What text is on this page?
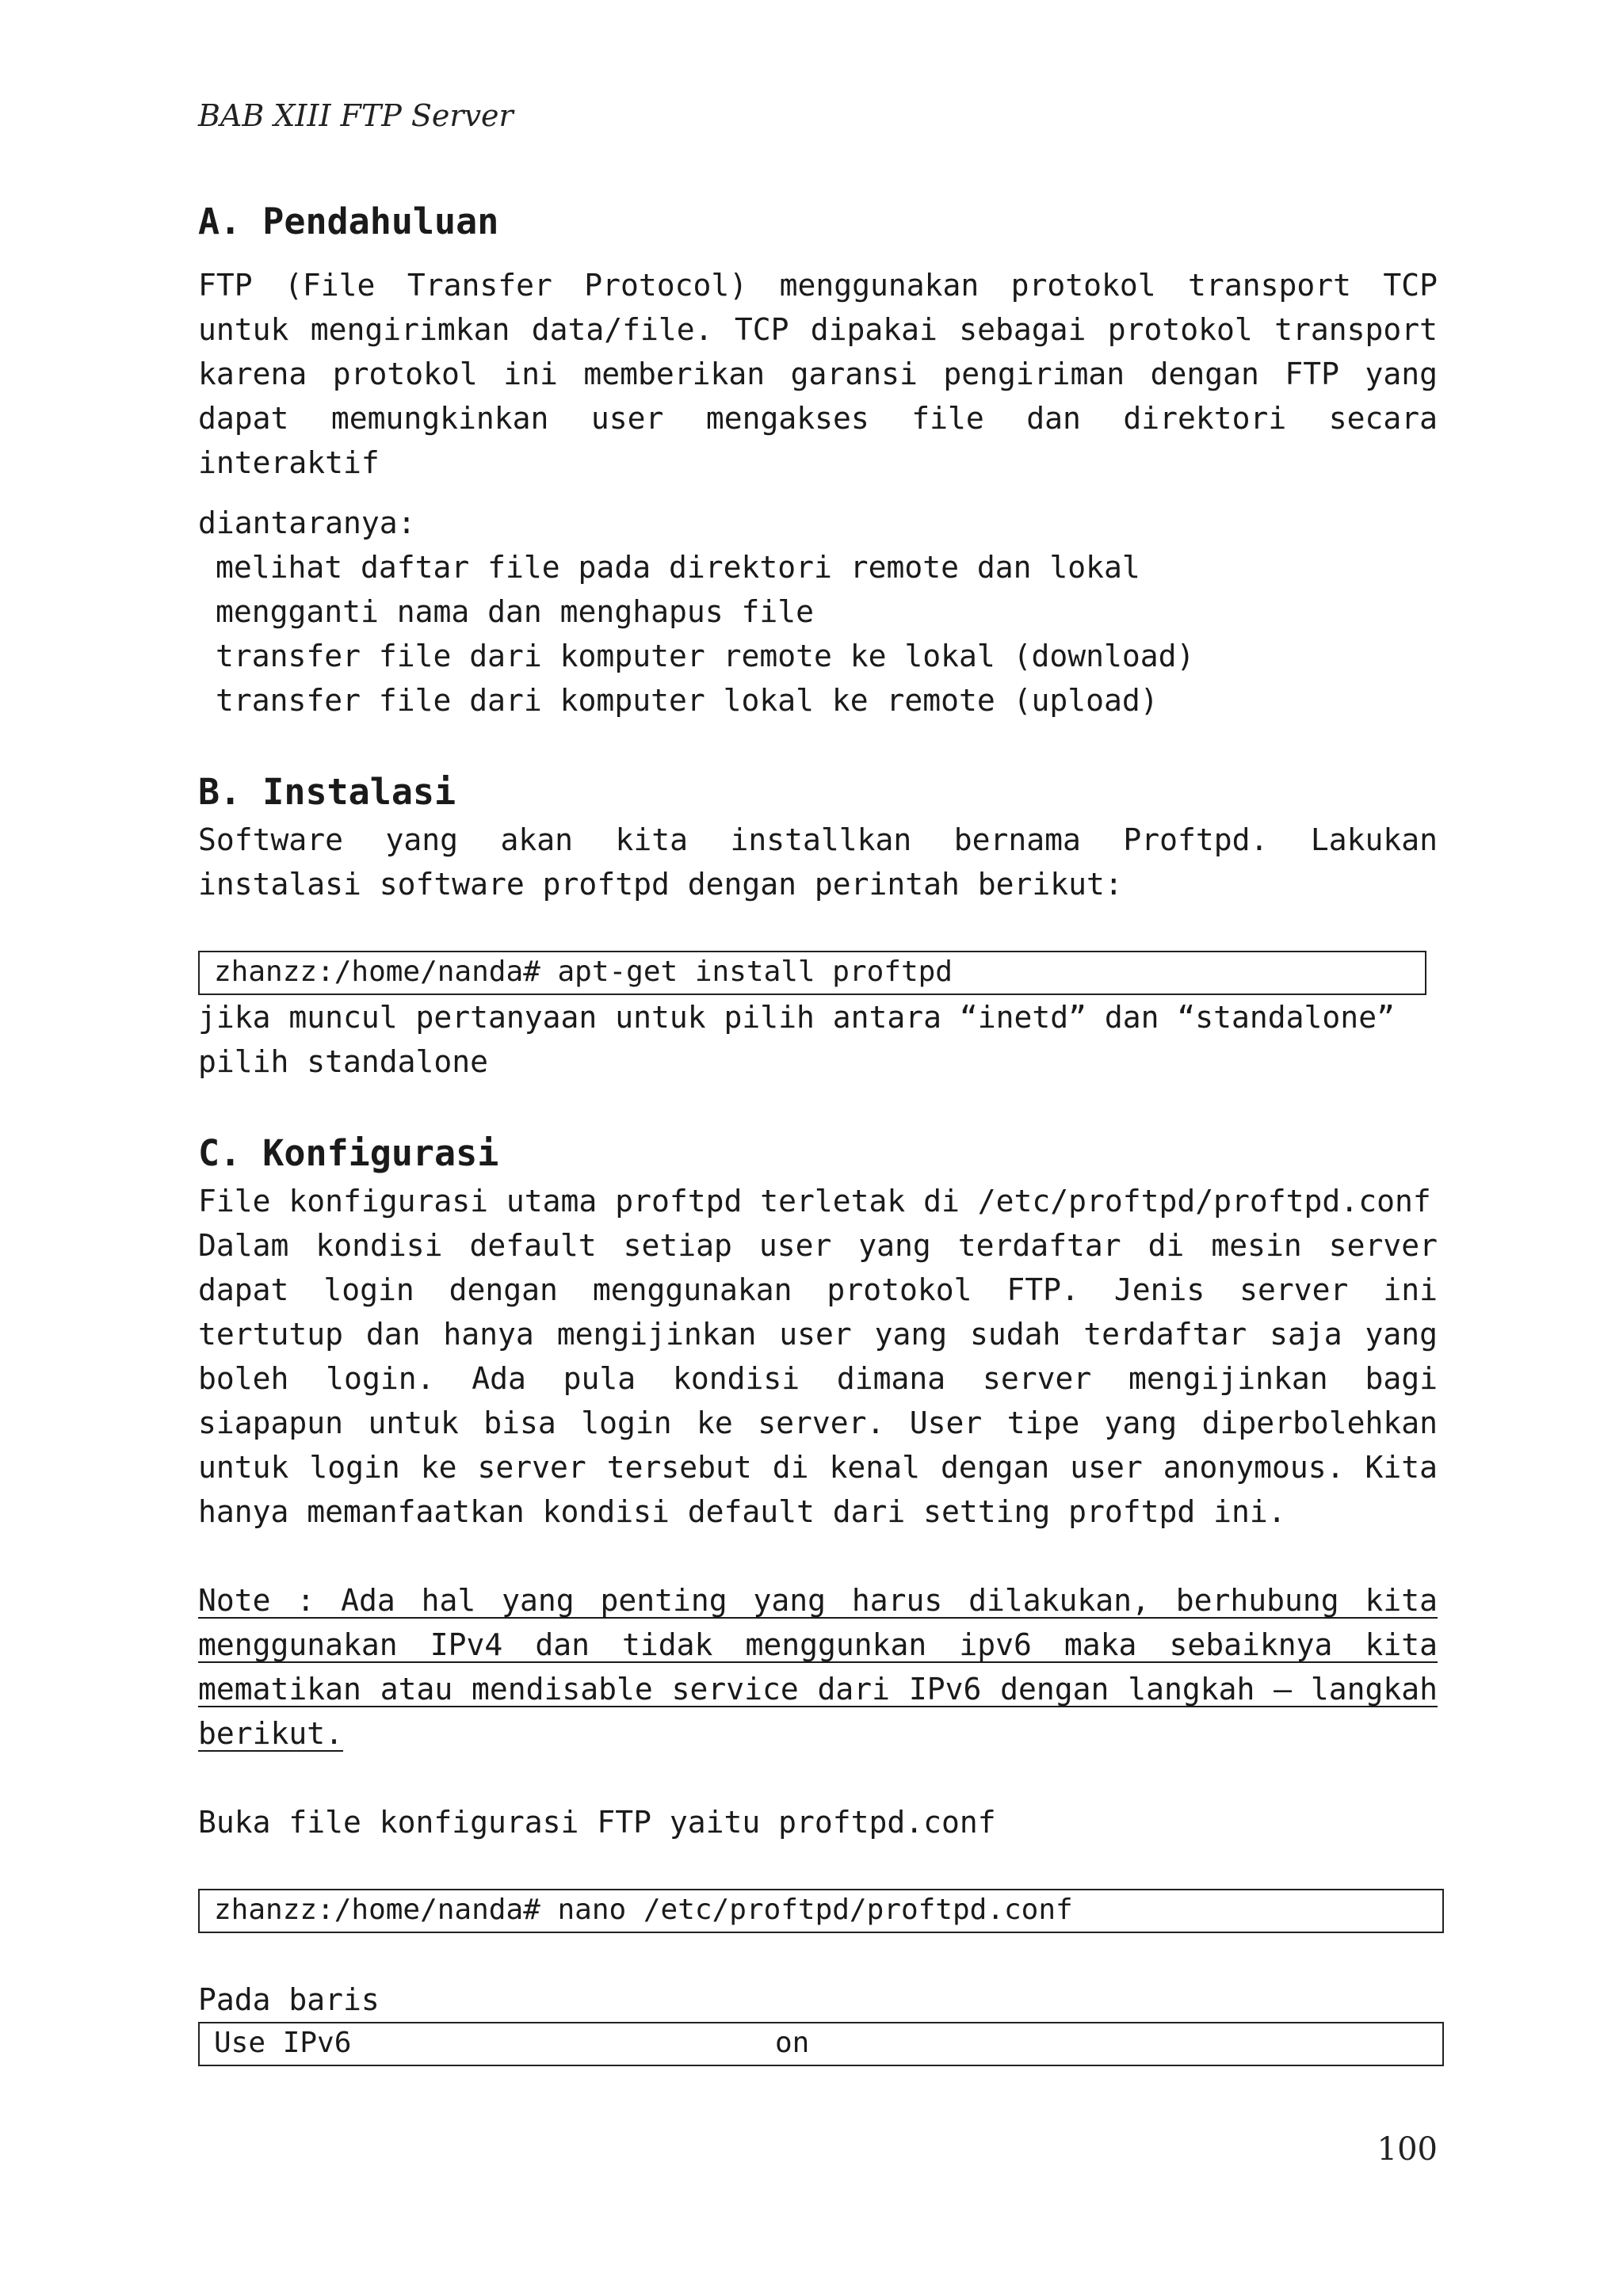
BAB XIII FTP Server
A. Pendahuluan

FTP (File Transfer Protocol) menggunakan protokol transport TCP untuk mengirimkan data/file. TCP dipakai sebagai protokol transport karena protokol ini memberikan garansi pengiriman dengan FTP yang dapat memungkinkan user mengakses file dan direktori secara interaktif

diantaranya:

melihat daftar file pada direktori remote dan lokal
mengganti nama dan menghapus file
transfer file dari komputer remote ke lokal (download)
transfer file dari komputer lokal ke remote (upload)
B. Instalasi

Software yang akan kita installkan bernama Proftpd. Lakukan instalasi software proftpd dengan perintah berikut:

zhanzz:/home/nanda# apt-get install proftpd

jika muncul pertanyaan untuk pilih antara “inetd” dan “standalone”

pilih standalone

C. Konfigurasi

File konfigurasi utama proftpd terletak di /etc/proftpd/proftpd.conf

Dalam kondisi default setiap user yang terdaftar di mesin server dapat login dengan menggunakan protokol FTP. Jenis server ini tertutup dan hanya mengijinkan user yang sudah terdaftar saja yang boleh login. Ada pula kondisi dimana server mengijinkan bagi siapapun untuk bisa login ke server. User tipe yang diperbolehkan untuk login ke server tersebut di kenal dengan user anonymous. Kita hanya memanfaatkan kondisi default dari setting proftpd ini.

Note : Ada hal yang penting yang harus dilakukan, berhubung kita menggunakan IPv4 dan tidak menggunkan ipv6 maka sebaiknya kita mematikan atau mendisable service dari IPv6 dengan langkah – langkah berikut.

Buka file konfigurasi FTP yaitu proftpd.conf

zhanzz:/home/nanda# nano /etc/proftpd/proftpd.conf

Pada baris

Use IPv6	on
100
